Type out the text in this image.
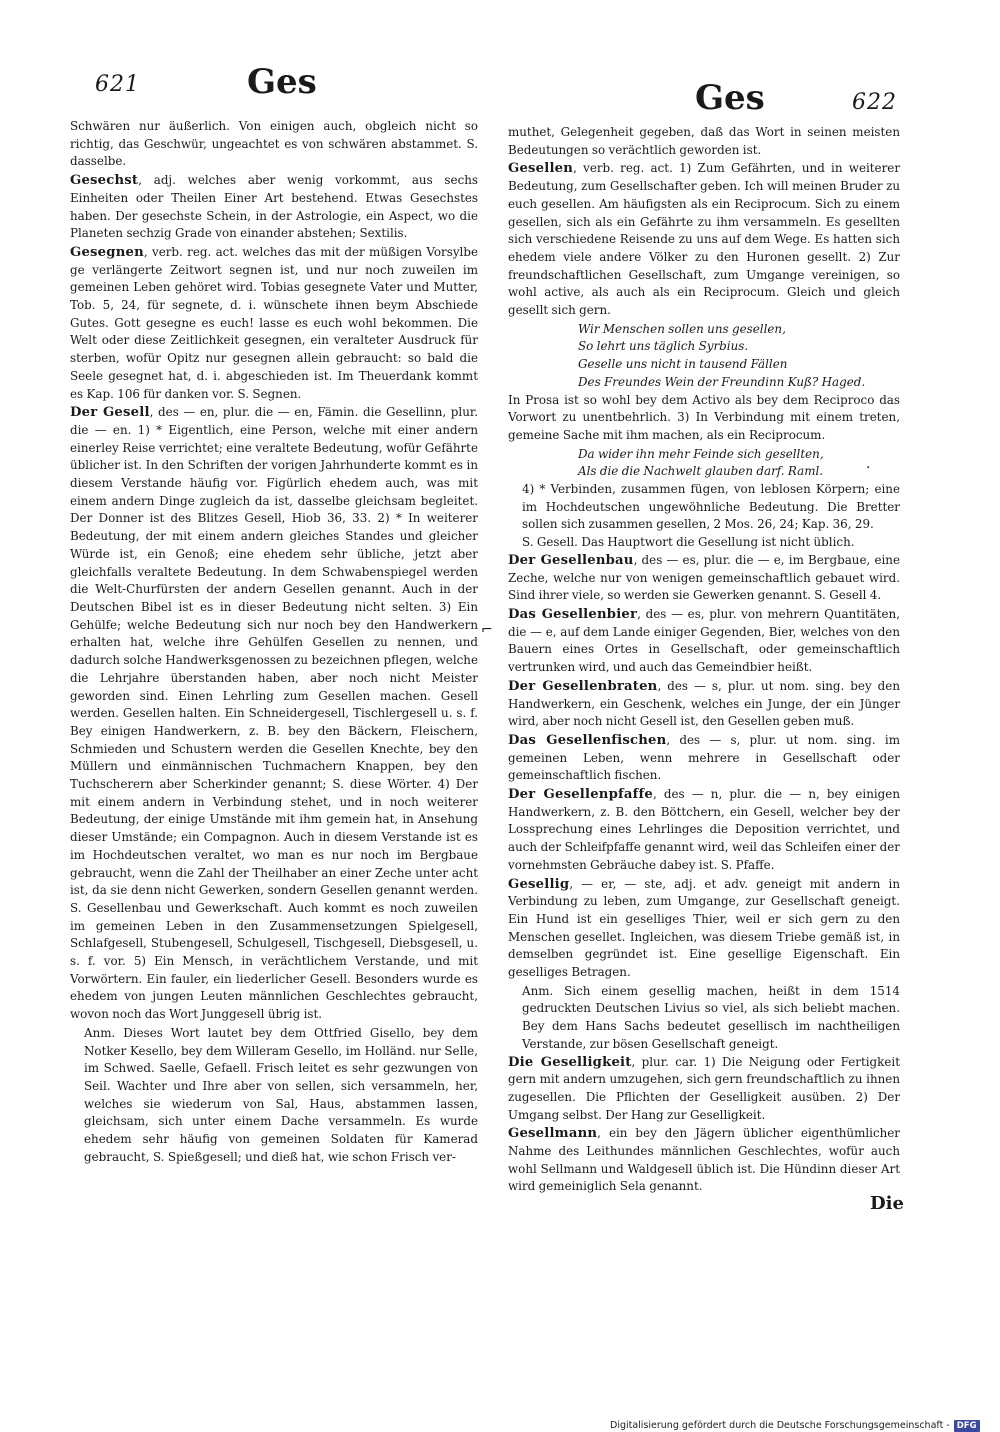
621	Ges	Ges	622

Schwären nur äußerlich. Von einigen auch, obgleich nicht so richtig, das Geschwür, ungeachtet es von schwären abstammet. S. dasselbe.

Gesechst, adj. welches aber wenig vorkommt, aus sechs Einheiten oder Theilen Einer Art bestehend. Etwas Gesechstes haben. Der gesechste Schein, in der Astrologie, ein Aspect, wo die Planeten sechzig Grade von einander abstehen; Sextilis.

Gesegnen, verb. reg. act. welches das mit der müßigen Vorsylbe ge verlängerte Zeitwort segnen ist, und nur noch zuweilen im gemeinen Leben gehöret wird. Tobias gesegnete Vater und Mutter, Tob. 5, 24, für segnete, d. i. wünschete ihnen beym Abschiede Gutes. Gott gesegne es euch! lasse es euch wohl bekommen. Die Welt oder diese Zeitlichkeit gesegnen, ein veralteter Ausdruck für sterben, wofür Opitz nur gesegnen allein gebraucht: so bald die Seele gesegnet hat, d. i. abgeschieden ist. Im Theuerdank kommt es Kap. 106 für danken vor. S. Segnen.

Der Gesell, des — en, plur. die — en, Fämin. die Gesellinn, plur. die — en. 1) * Eigentlich, eine Person, welche mit einer andern einerley Reise verrichtet; eine veraltete Bedeutung, wofür Gefährte üblicher ist. In den Schriften der vorigen Jahrhunderte kommt es in diesem Verstande häufig vor. Figürlich ehedem auch, was mit einem andern Dinge zugleich da ist, dasselbe gleichsam begleitet. Der Donner ist des Blitzes Gesell, Hiob 36, 33. 2) * In weiterer Bedeutung, der mit einem andern gleiches Standes und gleicher Würde ist, ein Genoß; eine ehedem sehr übliche, jetzt aber gleichfalls veraltete Bedeutung. In dem Schwabenspiegel werden die Welt-Churfürsten der andern Gesellen genannt. Auch in der Deutschen Bibel ist es in dieser Bedeutung nicht selten. 3) Ein Gehülfe; welche Bedeutung sich nur noch bey den Handwerkern erhalten hat, welche ihre Gehülfen Gesellen zu nennen, und dadurch solche Handwerksgenossen zu bezeichnen pflegen, welche die Lehrjahre überstanden haben, aber noch nicht Meister geworden sind. Einen Lehrling zum Gesellen machen. Gesell werden. Gesellen halten. Ein Schneidergesell, Tischlergesell u. s. f. Bey einigen Handwerkern, z. B. bey den Bäckern, Fleischern, Schmieden und Schustern werden die Gesellen Knechte, bey den Müllern und einmännischen Tuchmachern Knappen, bey den Tuchscherern aber Scherkinder genannt; S. diese Wörter. 4) Der mit einem andern in Verbindung stehet, und in noch weiterer Bedeutung, der einige Umstände mit ihm gemein hat, in Ansehung dieser Umstände; ein Compagnon. Auch in diesem Verstande ist es im Hochdeutschen veraltet, wo man es nur noch im Bergbaue gebraucht, wenn die Zahl der Theilhaber an einer Zeche unter acht ist, da sie denn nicht Gewerken, sondern Gesellen genannt werden. S. Gesellenbau und Gewerkschaft. Auch kommt es noch zuweilen im gemeinen Leben in den Zusammensetzungen Spielgesell, Schlafgesell, Stubengesell, Schulgesell, Tischgesell, Diebsgesell, u. s. f. vor. 5) Ein Mensch, in verächtlichem Verstande, und mit Vorwörtern. Ein fauler, ein liederlicher Gesell. Besonders wurde es ehedem von jungen Leuten männlichen Geschlechtes gebraucht, wovon noch das Wort Junggesell übrig ist.

Anm. Dieses Wort lautet bey dem Ottfried Gisello, bey dem Notker Kesello, bey dem Willeram Gesello, im Holländ. nur Selle, im Schwed. Saelle, Gefaell. Frisch leitet es sehr gezwungen von Seil. Wachter und Ihre aber von sellen, sich versammeln, her, welches sie wiederum von Sal, Haus, abstammen lassen, gleichsam, sich unter einem Dache versammeln. Es wurde ehedem sehr häufig von gemeinen Soldaten für Kamerad gebraucht, S. Spießgesell; und dieß hat, wie schon Frisch ver-

muthet, Gelegenheit gegeben, daß das Wort in seinen meisten Bedeutungen so verächtlich geworden ist.

Gesellen, verb. reg. act. 1) Zum Gefährten, und in weiterer Bedeutung, zum Gesellschafter geben. Ich will meinen Bruder zu euch gesellen. Am häufigsten als ein Reciprocum. Sich zu einem gesellen, sich als ein Gefährte zu ihm versammeln. Es gesellten sich verschiedene Reisende zu uns auf dem Wege. Es hatten sich ehedem viele andere Völker zu den Huronen gesellt. 2) Zur freundschaftlichen Gesellschaft, zum Umgange vereinigen, so wohl active, als auch als ein Reciprocum. Gleich und gleich gesellt sich gern.

Wir Menschen sollen uns gesellen,

So lehrt uns täglich Syrbius.

Geselle uns nicht in tausend Fällen

Des Freundes Wein der Freundinn Kuß? Haged.

In Prosa ist so wohl bey dem Activo als bey dem Reciproco das Vorwort zu unentbehrlich. 3) In Verbindung mit einem treten, gemeine Sache mit ihm machen, als ein Reciprocum.

Da wider ihn mehr Feinde sich gesellten,

Als die die Nachwelt glauben darf. Raml.

4) * Verbinden, zusammen fügen, von leblosen Körpern; eine im Hochdeutschen ungewöhnliche Bedeutung. Die Bretter sollen sich zusammen gesellen, 2 Mos. 26, 24; Kap. 36, 29.

S. Gesell. Das Hauptwort die Gesellung ist nicht üblich.

Der Gesellenbau, des — es, plur. die — e, im Bergbaue, eine Zeche, welche nur von wenigen gemeinschaftlich gebauet wird. Sind ihrer viele, so werden sie Gewerken genannt. S. Gesell 4.

Das Gesellenbier, des — es, plur. von mehrern Quantitäten, die — e, auf dem Lande einiger Gegenden, Bier, welches von den Bauern eines Ortes in Gesellschaft, oder gemeinschaftlich vertrunken wird, und auch das Gemeindbier heißt.

Der Gesellenbraten, des — s, plur. ut nom. sing. bey den Handwerkern, ein Geschenk, welches ein Junge, der ein Jünger wird, aber noch nicht Gesell ist, den Gesellen geben muß.

Das Gesellenfischen, des — s, plur. ut nom. sing. im gemeinen Leben, wenn mehrere in Gesellschaft oder gemeinschaftlich fischen.

Der Gesellenpfaffe, des — n, plur. die — n, bey einigen Handwerkern, z. B. den Böttchern, ein Gesell, welcher bey der Lossprechung eines Lehrlinges die Deposition verrichtet, und auch der Schleifpfaffe genannt wird, weil das Schleifen einer der vornehmsten Gebräuche dabey ist. S. Pfaffe.

Gesellig, — er, — ste, adj. et adv. geneigt mit andern in Verbindung zu leben, zum Umgange, zur Gesellschaft geneigt. Ein Hund ist ein geselliges Thier, weil er sich gern zu den Menschen gesellet. Ingleichen, was diesem Triebe gemäß ist, in demselben gegründet ist. Eine gesellige Eigenschaft. Ein geselliges Betragen.

Anm. Sich einem gesellig machen, heißt in dem 1514 gedruckten Deutschen Livius so viel, als sich beliebt machen. Bey dem Hans Sachs bedeutet gesellisch im nachtheiligen Verstande, zur bösen Gesellschaft geneigt.

Die Geselligkeit, plur. car. 1) Die Neigung oder Fertigkeit gern mit andern umzugehen, sich gern freundschaftlich zu ihnen zugesellen. Die Pflichten der Geselligkeit ausüben. 2) Der Umgang selbst. Der Hang zur Geselligkeit.

Gesellmann, ein bey den Jägern üblicher eigenthümlicher Nahme des Leithundes männlichen Geschlechtes, wofür auch wohl Sellmann und Waldgesell üblich ist. Die Hündinn dieser Art wird gemeiniglich Sela genannt.

Die
⌐
·
Digitalisierung gefördert durch die Deutsche Forschungsgemeinschaft - DFG
